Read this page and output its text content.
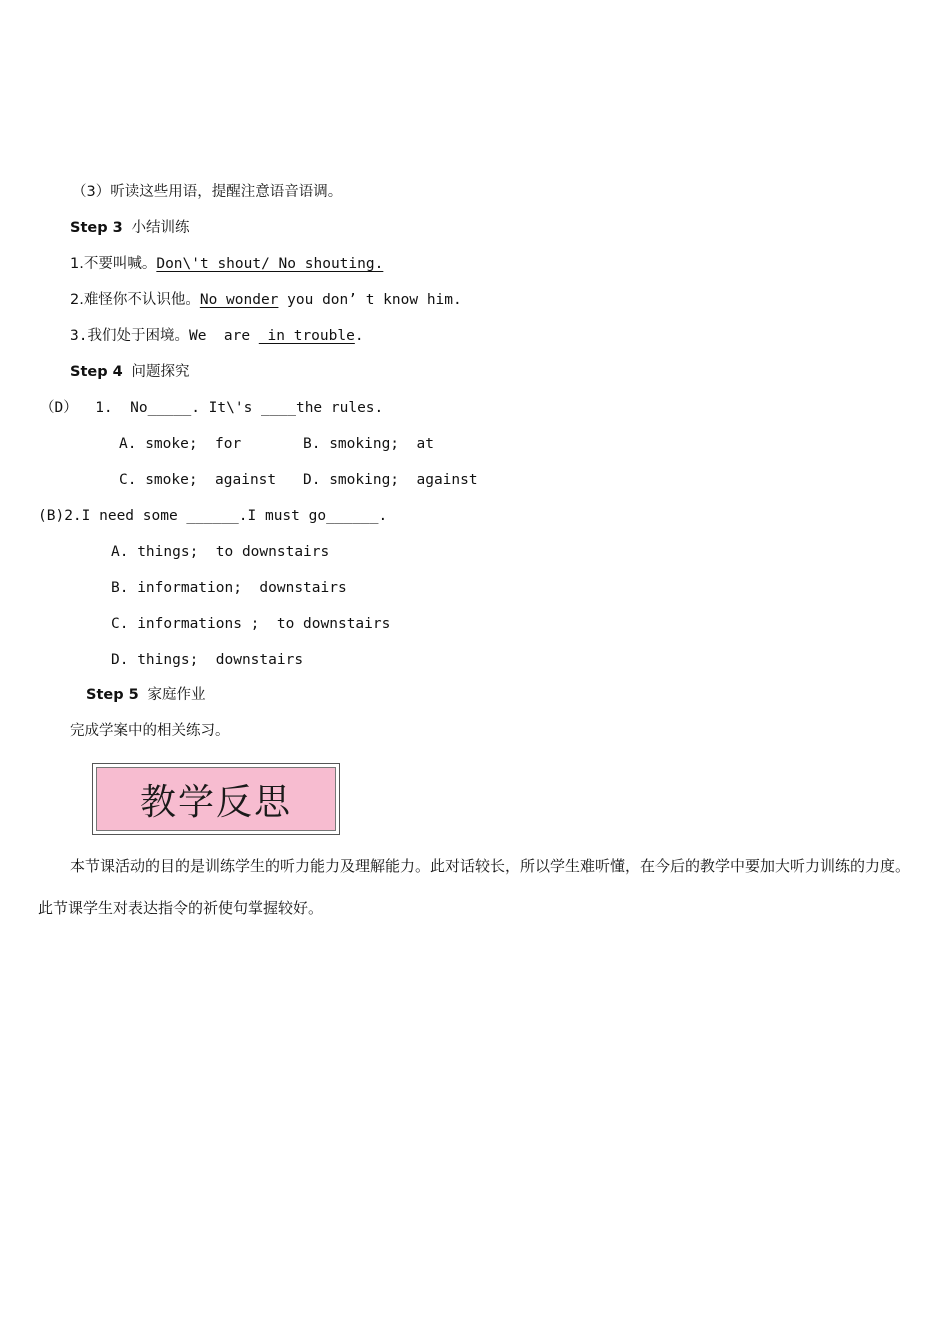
（3）听读这些用语，提醒注意语音语调。
Step 3 小结训练
1.不要叫喊。Don\'t shout/ No shouting.
2.难怪你不认识他。No wonder you don’ t know him.
3.我们处于困境。We  are  in trouble.
Step 4 问题探究
（D）  1.  No_____. It\'s ____the rules.
A. smoke;  for	B. smoking;  at
C. smoke;  against D. smoking;  against
(B)2.I need some ______.I must go______.
A. things;  to downstairs
B. information;  downstairs
C. informations ;  to downstairs
D. things;  downstairs
Step 5 家庭作业
完成学案中的相关练习。
教学反思

本节课活动的目的是训练学生的听力能力及理解能力。此对话较长，所以学生难听懂，在今后的教学中要加大听力训练的力度。此节课学生对表达指令的祈使句掌握较好。
